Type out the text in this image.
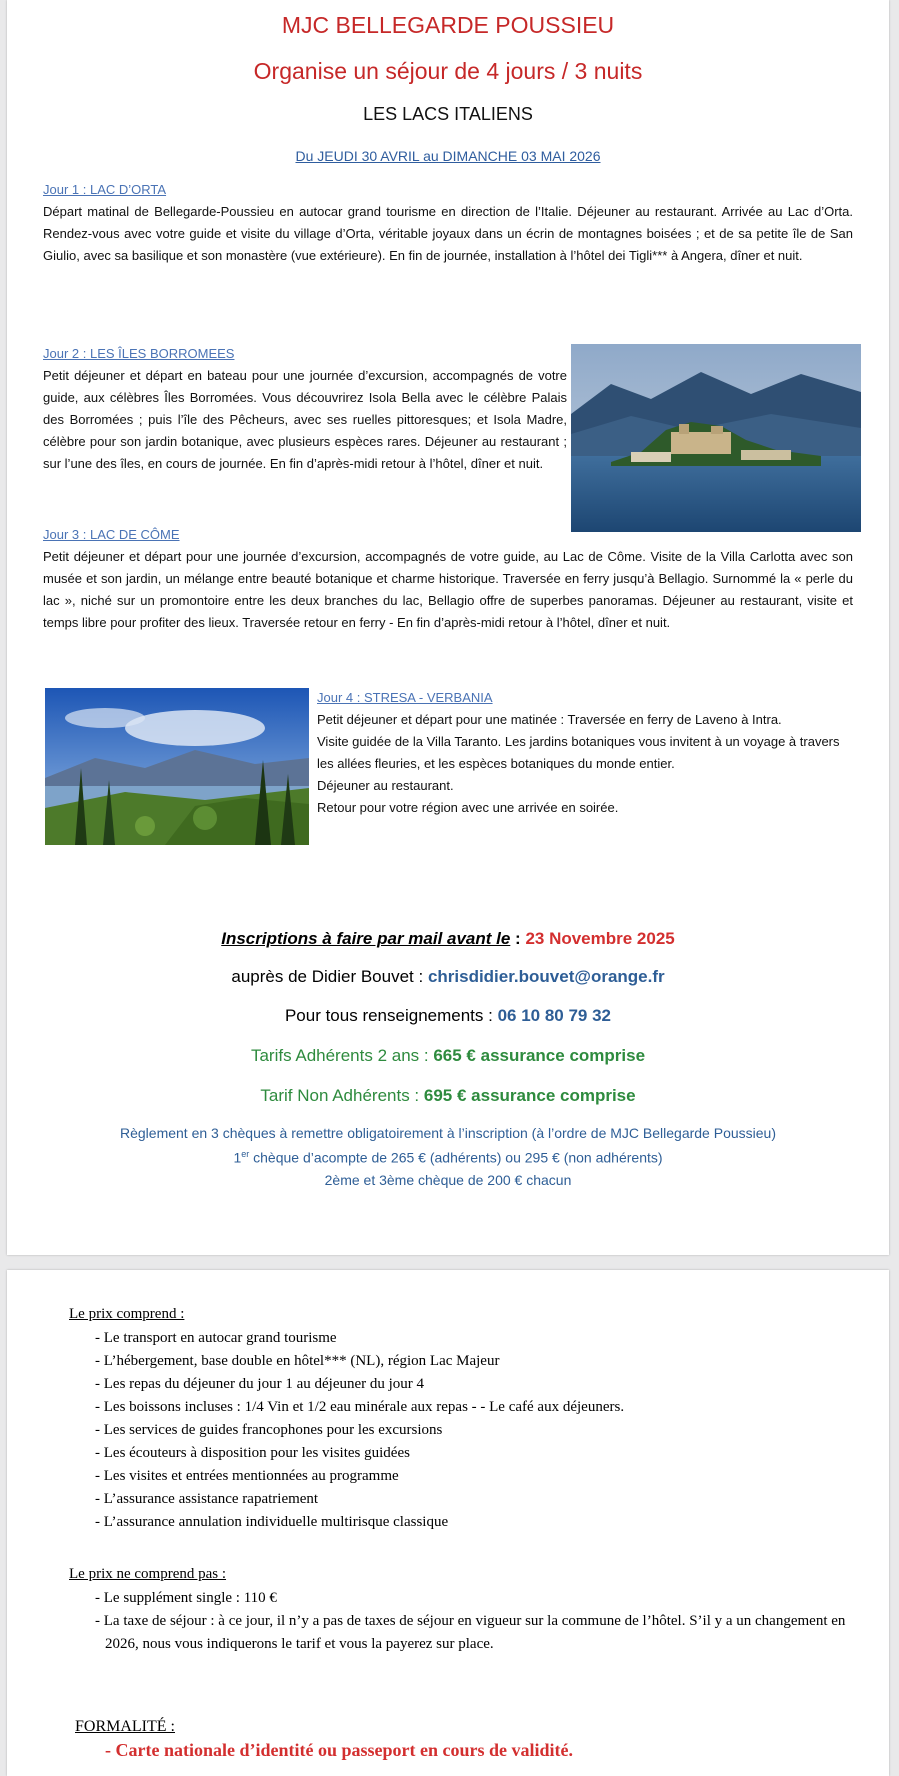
MJC BELLEGARDE POUSSIEU
Organise un séjour de 4 jours / 3 nuits
LES LACS ITALIENS
Du JEUDI 30 AVRIL au DIMANCHE 03 MAI 2026
Jour 1 : LAC D’ORTA
Départ matinal de Bellegarde-Poussieu en autocar grand tourisme en direction de l’Italie. Déjeuner au restaurant. Arrivée au Lac d’Orta. Rendez-vous avec votre guide et visite du village d’Orta, véritable joyaux dans un écrin de montagnes boisées ; et de sa petite île de San Giulio, avec sa basilique et son monastère (vue extérieure). En fin de journée, installation à l’hôtel dei Tigli*** à Angera, dîner et nuit.
Jour 2 : LES ÎLES BORROMEES
Petit déjeuner et départ en bateau pour une journée d’excursion, accompagnés de votre guide, aux célèbres Îles Borromées. Vous découvrirez Isola Bella avec le célèbre Palais des Borromées ; puis l’île des Pêcheurs, avec ses ruelles pittoresques; et Isola Madre, célèbre pour son jardin botanique, avec plusieurs espèces rares. Déjeuner au restaurant ; sur l’une des îles, en cours de journée. En fin d’après-midi retour à l’hôtel, dîner et nuit.
Jour 3 : LAC DE CÔME
Petit déjeuner et départ pour une journée d’excursion, accompagnés de votre guide, au Lac de Côme. Visite de la Villa Carlotta avec son musée et son jardin, un mélange entre beauté botanique et charme historique. Traversée en ferry jusqu’à Bellagio. Surnommé la « perle du lac », niché sur un promontoire entre les deux branches du lac, Bellagio offre de superbes panoramas. Déjeuner au restaurant, visite et temps libre pour profiter des lieux. Traversée retour en ferry - En fin d’après-midi retour à l’hôtel, dîner et nuit.
Jour 4 : STRESA - VERBANIA
Petit déjeuner et départ pour une matinée : Traversée en ferry de Laveno à Intra.
Visite guidée de la Villa Taranto. Les jardins botaniques vous invitent à un voyage à travers les allées fleuries, et les espèces botaniques du monde entier.
Déjeuner au restaurant.
Retour pour votre région avec une arrivée en soirée.
Inscriptions à faire par mail avant le : 23 Novembre 2025
auprès de Didier Bouvet : chrisdidier.bouvet@orange.fr
Pour tous renseignements : 06 10 80 79 32
Tarifs Adhérents 2 ans : 665 € assurance comprise
Tarif Non Adhérents : 695 € assurance comprise
Règlement en 3 chèques à remettre obligatoirement à l’inscription (à l’ordre de MJC Bellegarde Poussieu)
1er chèque d’acompte de 265 € (adhérents) ou 295 € (non adhérents)
2ème et 3ème chèque de 200 € chacun
Le prix comprend :
- Le transport en autocar grand tourisme
- L’hébergement, base double en hôtel*** (NL), région Lac Majeur
- Les repas du déjeuner du jour 1 au déjeuner du jour 4
- Les boissons incluses : 1/4 Vin et 1/2 eau minérale aux repas - - Le café aux déjeuners.
- Les services de guides francophones pour les excursions
- Les écouteurs à disposition pour les visites guidées
- Les visites et entrées mentionnées au programme
- L’assurance assistance rapatriement
- L’assurance annulation individuelle multirisque classique
Le prix ne comprend pas :
- Le supplément single : 110 €
- La taxe de séjour : à ce jour, il n’y a pas de taxes de séjour en vigueur sur la commune de l’hôtel. S’il y a un changement en 2026, nous vous indiquerons le tarif et vous la payerez sur place.
FORMALITÉ :
- Carte nationale d’identité ou passeport en cours de validité.
